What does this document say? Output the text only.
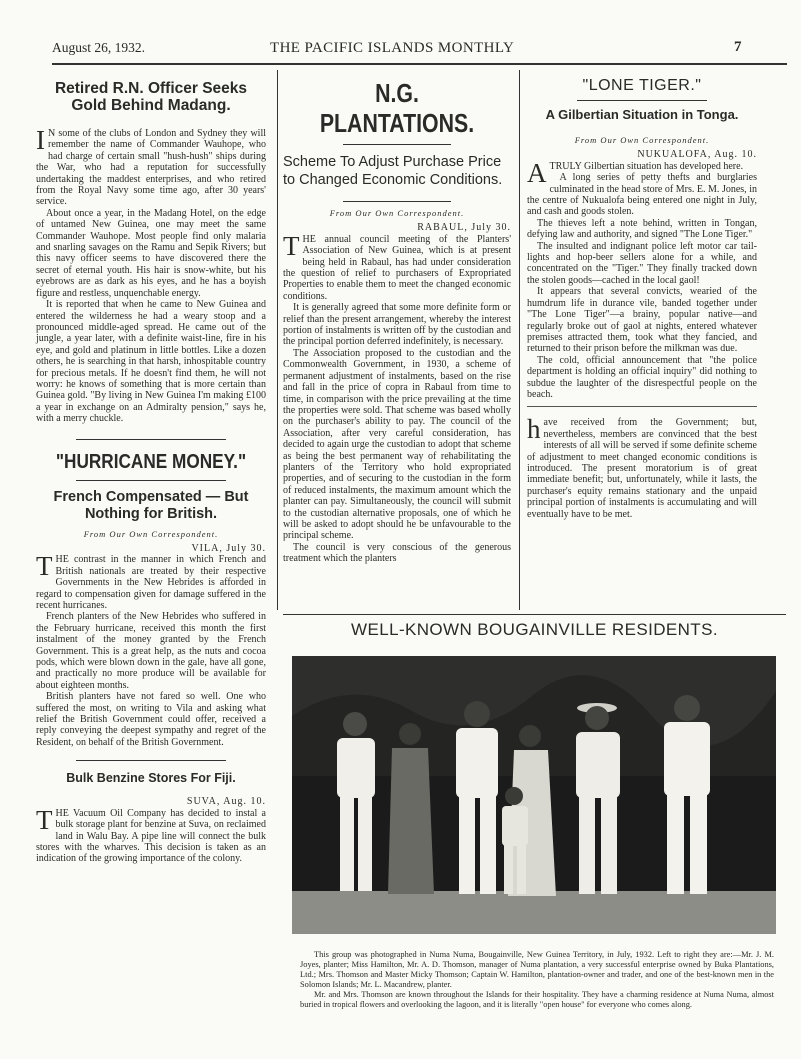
August 26, 1932.	THE PACIFIC ISLANDS MONTHLY	7
Retired R.N. Officer Seeks Gold Behind Madang.

IN some of the clubs of London and Sydney they will remember the name of Commander Wauhope, who had charge of certain small "hush-hush" ships during the War, who had a reputation for successfully undertaking the maddest enterprises, and who retired from the Royal Navy some time ago, after 30 years' service.

About once a year, in the Madang Hotel, on the edge of untamed New Guinea, one may meet the same Commander Wauhope. Most people find only malaria and snarling savages on the Ramu and Sepik Rivers; but this navy officer seems to have discovered there the secret of eternal youth. His hair is snow-white, but his eyebrows are as dark as his eyes, and he has a boyish figure and restless, unquenchable energy.

It is reported that when he came to New Guinea and entered the wilderness he had a weary stoop and a pronounced middle-aged spread. He came out of the jungle, a year later, with a definite waist-line, fire in his eye, and gold and platinum in little bottles. Like a dozen others, he is searching in that harsh, inhospitable country for precious metals. If he doesn't find them, he will not worry: he knows of something that is more certain than Guinea gold. "By living in New Guinea I'm making £100 a year in exchange on an Admiralty pension," says he, with a merry chuckle.

"HURRICANE MONEY."
French Compensated — But Nothing for British.
From Our Own Correspondent.
VILA, July 30.

THE contrast in the manner in which French and British nationals are treated by their respective Governments in the New Hebrides is afforded in regard to compensation given for damage suffered in the recent hurricanes.

French planters of the New Hebrides who suffered in the February hurricane, received this month the first instalment of the money granted by the French Government. This is a great help, as the nuts and cocoa pods, which were blown down in the gale, have all gone, and practically no more produce will be available for about eighteen months.

British planters have not fared so well. One who suffered the most, on writing to Vila and asking what relief the British Government could offer, received a reply conveying the deepest sympathy and regret of the Resident, on behalf of the British Government.

Bulk Benzine Stores For Fiji.
SUVA, Aug. 10.

THE Vacuum Oil Company has decided to instal a bulk storage plant for benzine at Suva, on reclaimed land in Walu Bay. A pipe line will connect the bulk stores with the wharves. This decision is taken as an indication of the growing importance of the colony.

N.G. PLANTATIONS.
Scheme To Adjust Purchase Price to Changed Economic Conditions.
From Our Own Correspondent.
RABAUL, July 30.

THE annual council meeting of the Planters' Association of New Guinea, which is at present being held in Rabaul, has had under consideration the question of relief to purchasers of Expropriated Properties to enable them to meet the changed economic conditions.

It is generally agreed that some more definite form or relief than the present arrangement, whereby the interest portion of instalments is written off by the custodian and the principal portion deferred indefinitely, is necessary.

The Association proposed to the custodian and the Commonwealth Government, in 1930, a scheme of permanent adjustment of instalments, based on the rise and fall in the price of copra in Rabaul from time to time, in comparison with the price prevailing at the time the properties were sold. That scheme was based wholly on the purchaser's ability to pay. The council of the Association, after very careful consideration, has decided to again urge the custodian to adopt that scheme as being the best permanent way of rehabilitating the planters of the Territory who hold expropriated properties, and of securing to the custodian in the form of reduced instalments, the maximum amount which the planter can pay. Simultaneously, the council will submit to the custodian alternative proposals, one of which he will be asked to adopt should he be unfavourable to the principal scheme.

The council is very conscious of the generous treatment which the planters

"LONE TIGER."
A Gilbertian Situation in Tonga.
From Our Own Correspondent.
NUKUALOFA, Aug. 10.

ATRULY Gilbertian situation has developed here.

A long series of petty thefts and burglaries culminated in the head store of Mrs. E. M. Jones, in the centre of Nukualofa being entered one night in July, and cash and goods stolen.

The thieves left a note behind, written in Tongan, defying law and authority, and signed "The Lone Tiger."

The insulted and indignant police left motor car tail-lights and hop-beer sellers alone for a while, and concentrated on the "Tiger." They finally tracked down the stolen goods—cached in the local gaol!

It appears that several convicts, wearied of the humdrum life in durance vile, banded together under "The Lone Tiger"—a brainy, popular native—and regularly broke out of gaol at nights, entered whatever premises attracted them, took what they fancied, and returned to their prison before the milkman was due.

The cold, official announcement that "the police department is holding an official inquiry" did nothing to subdue the laughter of the disrespectful people on the beach.

have received from the Government; but, nevertheless, members are convinced that the best interests of all will be served if some definite scheme of adjustment to meet changed economic conditions is introduced. The present moratorium is of great immediate benefit; but, unfortunately, while it lasts, the purchaser's equity remains stationary and the unpaid principal portion of instalments is accumulating and will eventually have to be met.

WELL-KNOWN BOUGAINVILLE RESIDENTS.

This group was photographed in Numa Numa, Bougainville, New Guinea Territory, in July, 1932. Left to right they are:—Mr. J. M. Joyes, planter; Miss Hamilton, Mr. A. D. Thomson, manager of Numa plantation, a very successful enterprise owned by Buka Plantations, Ltd.; Mrs. Thomson and Master Micky Thomson; Captain W. Hamilton, plantation-owner and trader, and one of the best-known men in the Solomon Islands; Mr. L. Macandrew, planter.

Mr. and Mrs. Thomson are known throughout the Islands for their hospitality. They have a charming residence at Numa Numa, almost buried in tropical flowers and overlooking the lagoon, and it is literally "open house" for everyone who comes along.
